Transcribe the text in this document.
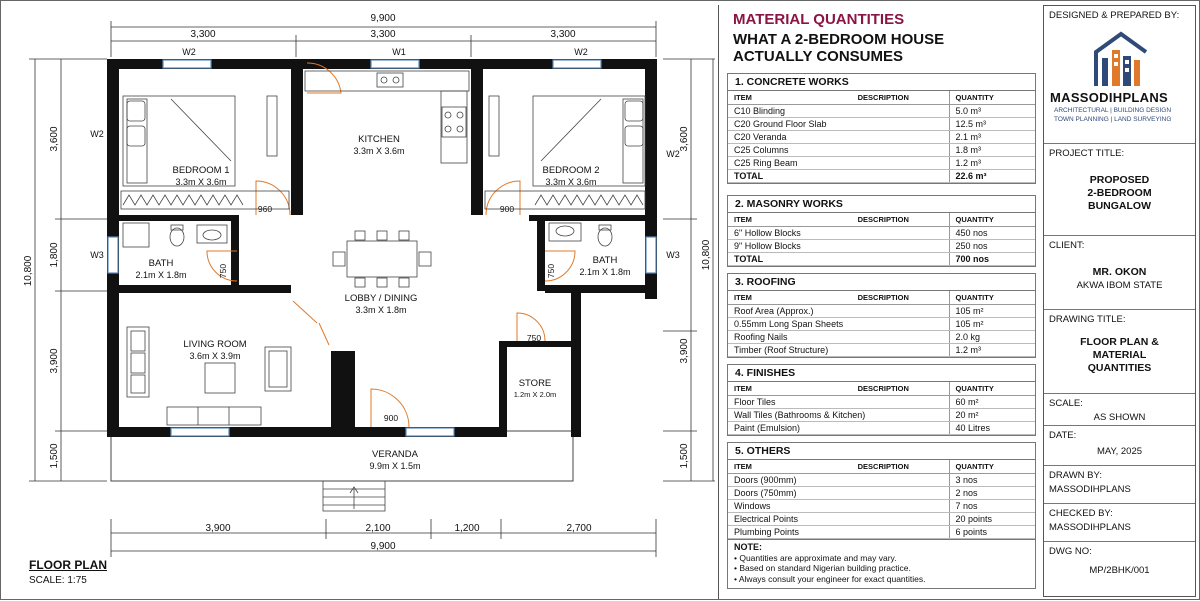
9,900
3,300	3,300	3,300
10,800
3,600
1,800
3,900
1,500
3,600
10,800
3,900
1,500
3,900	2,100	1,200	2,700
9,900
W2	W1	W2
W2
W2
W3	W3
960	900
750	750
750
900
BEDROOM 1
3.3m X 3.6m
KITCHEN
3.3m X 3.6m
BEDROOM 2
3.3m X 3.6m
BATH
2.1m X 1.8m
BATH
2.1m X 1.8m
LOBBY / DINING
3.3m X 1.8m
LIVING ROOM
3.6m X 3.9m
STORE
1.2m X 2.0m
VERANDA
9.9m X 1.5m
FLOOR PLAN
SCALE: 1:75
MATERIAL QUANTITIES
WHAT A 2-BEDROOM HOUSE
ACTUALLY CONSUMES
1. CONCRETE WORKS
ITEM	DESCRIPTION	QUANTITY
C10 Blinding		5.0 m³
C20 Ground Floor Slab		12.5 m³
C20 Veranda		2.1 m³
C25 Columns		1.8 m³
C25 Ring Beam		1.2 m³
TOTAL		22.6 m³
2. MASONRY WORKS
ITEM	DESCRIPTION	QUANTITY
6" Hollow Blocks		450 nos
9" Hollow Blocks		250 nos
TOTAL		700 nos
3. ROOFING
ITEM	DESCRIPTION	QUANTITY
Roof Area (Approx.)		105 m²
0.55mm Long Span Sheets		105 m²
Roofing Nails		2.0 kg
Timber (Roof Structure)		1.2 m³
4. FINISHES
ITEM	DESCRIPTION	QUANTITY
Floor Tiles		60 m²
Wall Tiles (Bathrooms & Kitchen)		20 m²
Paint (Emulsion)		40 Litres
5. OTHERS
ITEM	DESCRIPTION	QUANTITY
Doors (900mm)		3 nos
Doors (750mm)		2 nos
Windows		7 nos
Electrical Points		20 points
Plumbing Points		6 points
NOTE:
• Quantities are approximate and may vary.
• Based on standard Nigerian building practice.
• Always consult your engineer for exact quantities.
DESIGNED & PREPARED BY:
MASSODIHPLANS
ARCHITECTURAL | BUILDING DESIGN
TOWN PLANNING | LAND SURVEYING
PROJECT TITLE:
PROPOSED
2-BEDROOM
BUNGALOW
CLIENT:
MR. OKON
AKWA IBOM STATE
DRAWING TITLE:
FLOOR PLAN &
MATERIAL
QUANTITIES
SCALE:
AS SHOWN
DATE:
MAY, 2025
DRAWN BY:
MASSODIHPLANS
CHECKED BY:
MASSODIHPLANS
DWG NO:
MP/2BHK/001
